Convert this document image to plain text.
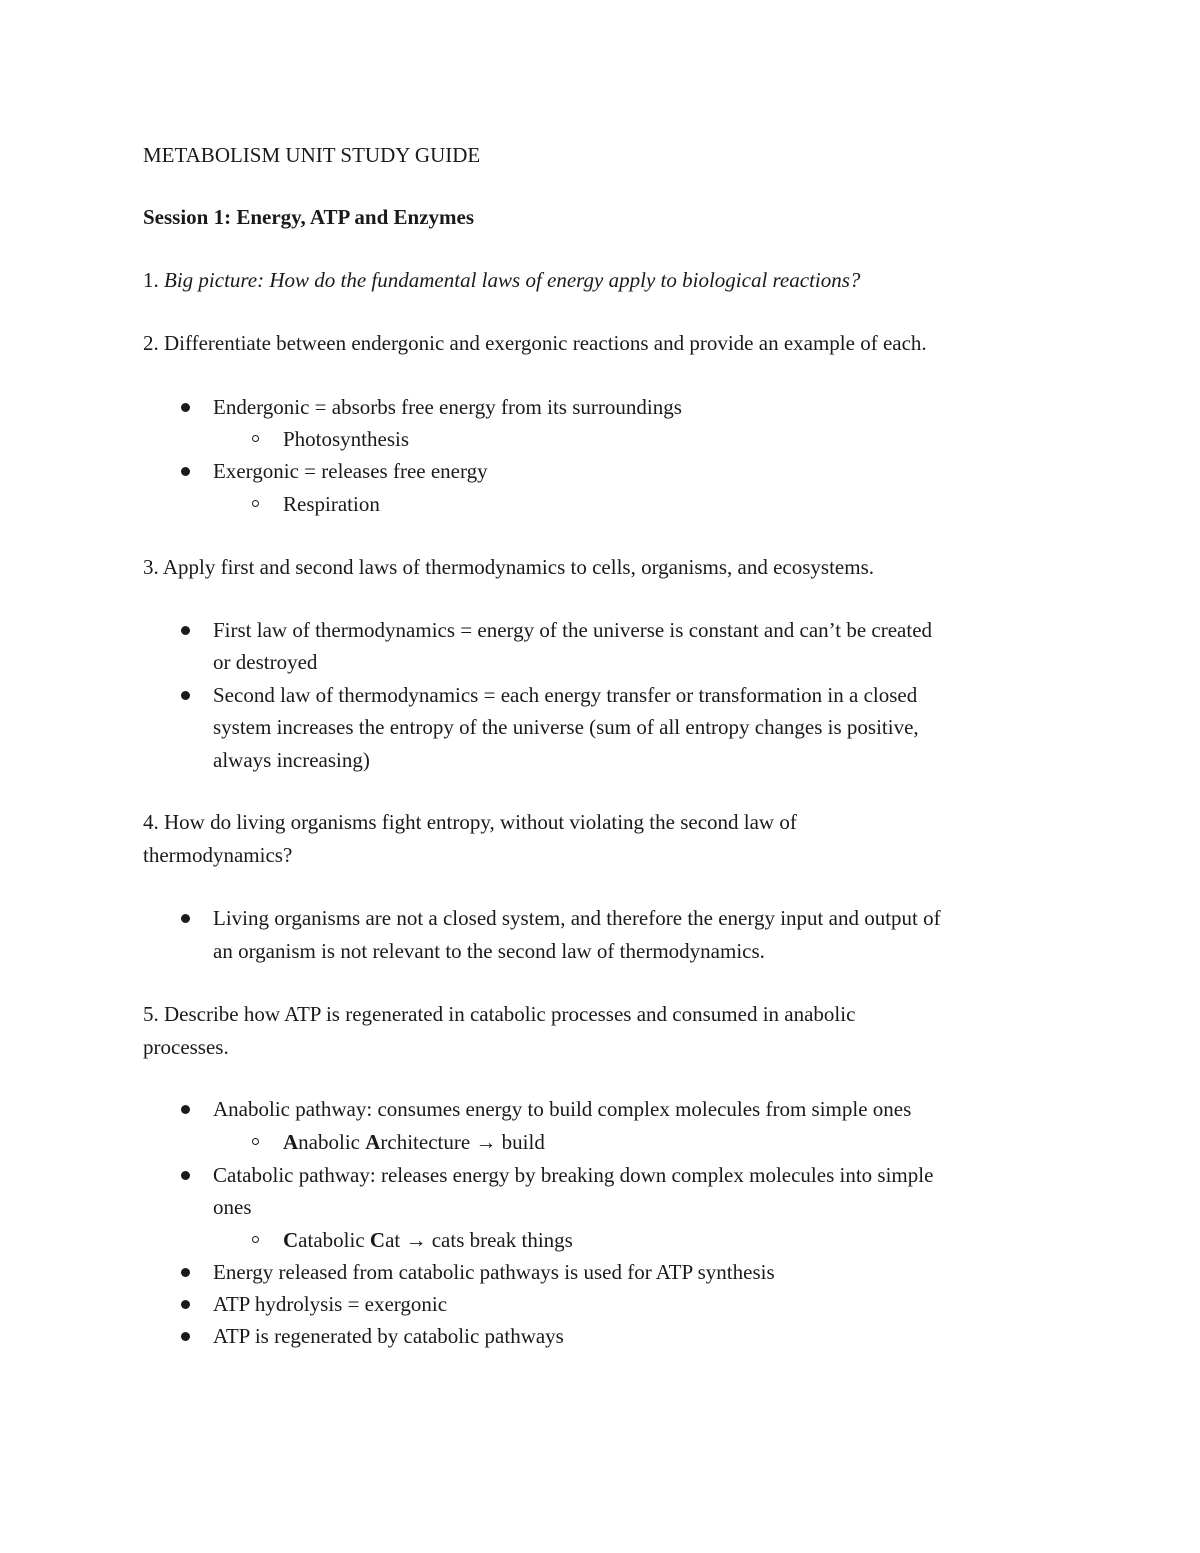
METABOLISM UNIT STUDY GUIDE
Session 1: Energy, ATP and Enzymes
1. Big picture: How do the fundamental laws of energy apply to biological reactions?
2. Differentiate between endergonic and exergonic reactions and provide an example of each.
Endergonic = absorbs free energy from its surroundings
Photosynthesis
Exergonic = releases free energy
Respiration
3. Apply first and second laws of thermodynamics to cells, organisms, and ecosystems.
First law of thermodynamics = energy of the universe is constant and can’t be created
or destroyed
Second law of thermodynamics = each energy transfer or transformation in a closed
system increases the entropy of the universe (sum of all entropy changes is positive,
always increasing)
4. How do living organisms fight entropy, without violating the second law of
thermodynamics?
Living organisms are not a closed system, and therefore the energy input and output of
an organism is not relevant to the second law of thermodynamics.
5. Describe how ATP is regenerated in catabolic processes and consumed in anabolic
processes.
Anabolic pathway: consumes energy to build complex molecules from simple ones
Anabolic Architecture → build
Catabolic pathway: releases energy by breaking down complex molecules into simple
ones
Catabolic Cat → cats break things
Energy released from catabolic pathways is used for ATP synthesis
ATP hydrolysis = exergonic
ATP is regenerated by catabolic pathways
